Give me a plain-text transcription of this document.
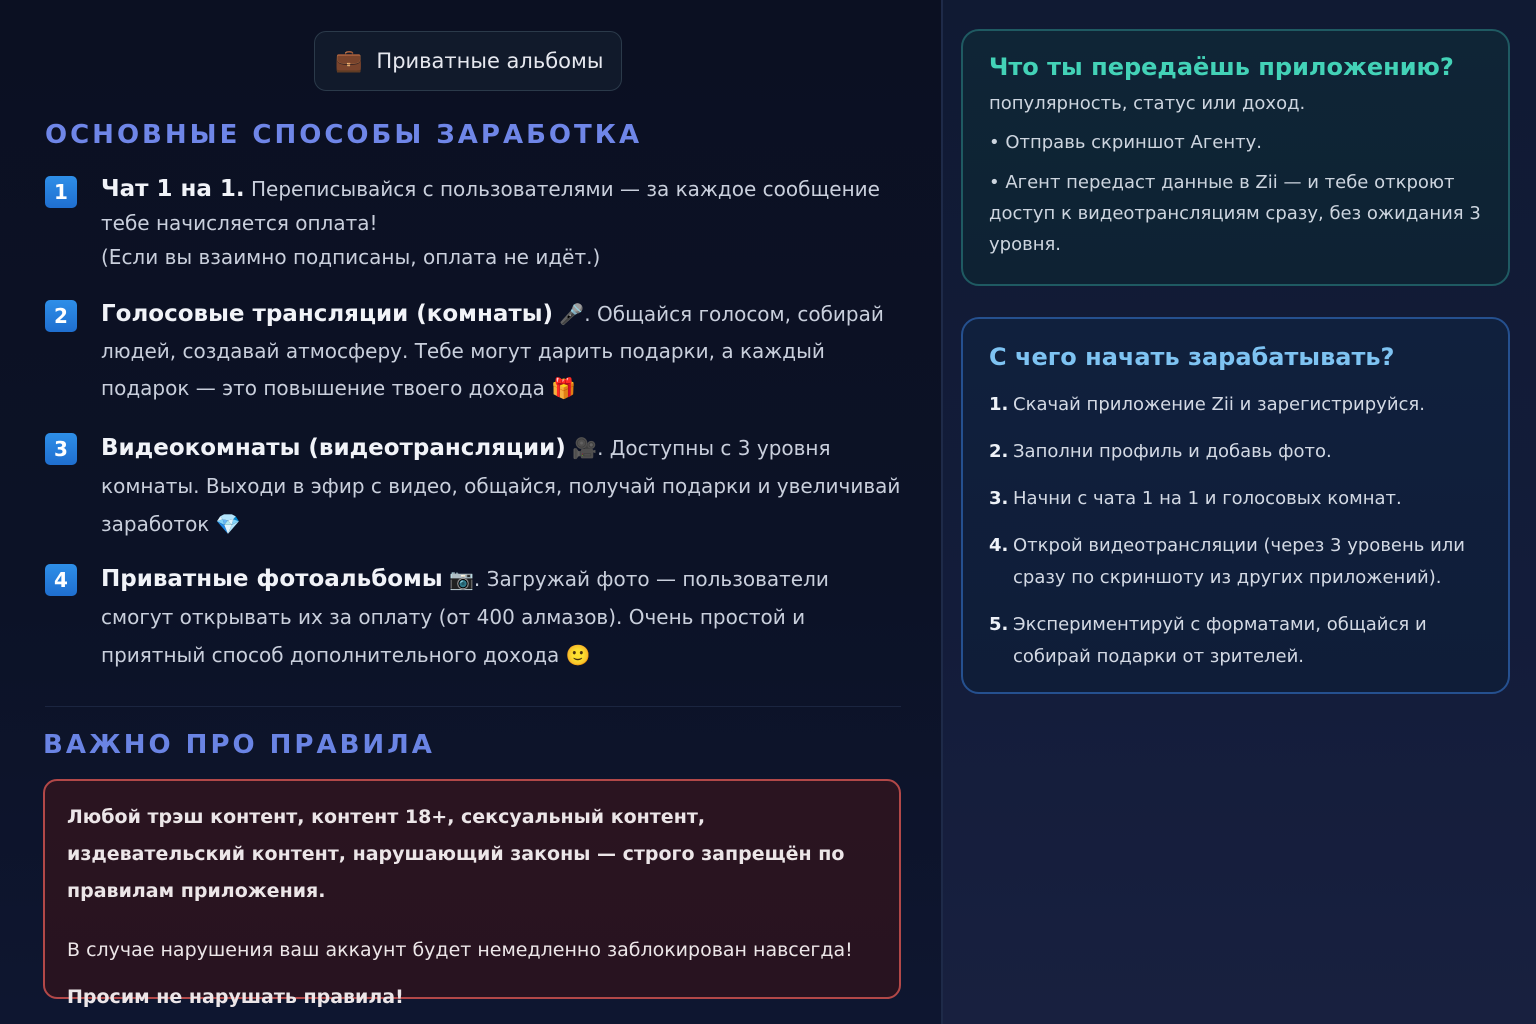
💼 Приватные альбомы
ОСНОВНЫЕ СПОСОБЫ ЗАРАБОТКА
1	Чат 1 на 1. Переписывайся с пользователями — за каждое сообщение тебе начисляется оплата!
(Если вы взаимно подписаны, оплата не идёт.)
2	Голосовые трансляции (комнаты) 🎤. Общайся голосом, собирай людей, создавай атмосферу. Тебе могут дарить подарки, а каждый подарок — это повышение твоего дохода 🎁
3	Видеокомнаты (видеотрансляции) 🎥. Доступны с 3 уровня комнаты. Выходи в эфир с видео, общайся, получай подарки и увеличивай заработок 💎
4	Приватные фотоальбомы 📷. Загружай фото — пользователи смогут открывать их за оплату (от 400 алмазов). Очень простой и приятный способ дополнительного дохода 🙂
ВАЖНО ПРО ПРАВИЛА
Любой трэш контент, контент 18+, сексуальный контент, издевательский контент, нарушающий законы — строго запрещён по правилам приложения.
В случае нарушения ваш аккаунт будет немедленно заблокирован навсегда!
Просим не нарушать правила!
Что ты передаёшь приложению?
популярность, статус или доход.
• Отправь скриншот Агенту.
• Агент передаст данные в Zii — и тебе откроют доступ к видеотрансляциям сразу, без ожидания 3 уровня.
С чего начать зарабатывать?
1. Скачай приложение Zii и зарегистрируйся.
2. Заполни профиль и добавь фото.
3. Начни с чата 1 на 1 и голосовых комнат.
4. Открой видеотрансляции (через 3 уровень или сразу по скриншоту из других приложений).
5. Экспериментируй с форматами, общайся и собирай подарки от зрителей.
